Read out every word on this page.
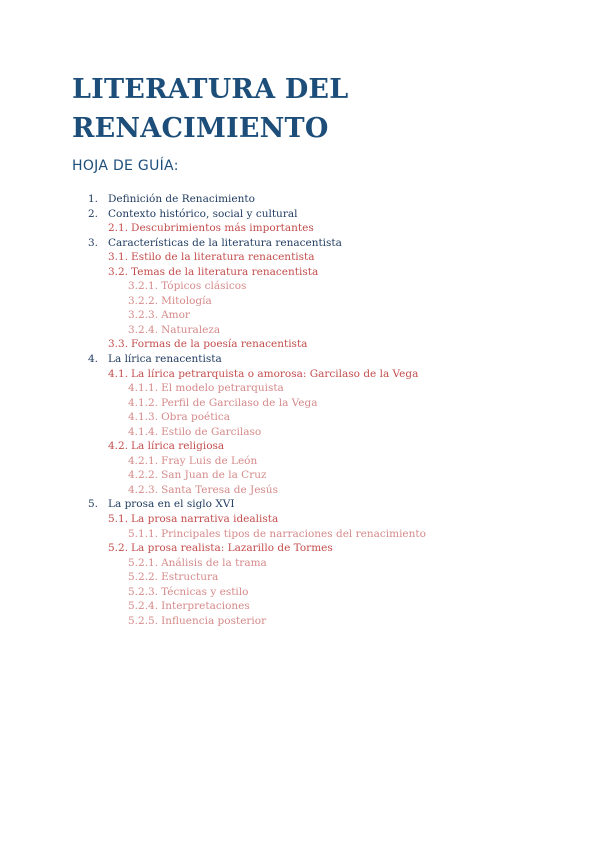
LITERATURA DEL
RENACIMIENTO
HOJA DE GUÍA:
1. Definición de Renacimiento
2. Contexto histórico, social y cultural
2.1. Descubrimientos más importantes
3. Características de la literatura renacentista
3.1. Estilo de la literatura renacentista
3.2. Temas de la literatura renacentista
3.2.1. Tópicos clásicos
3.2.2. Mitología
3.2.3. Amor
3.2.4. Naturaleza
3.3. Formas de la poesía renacentista
4. La lírica renacentista
4.1. La lírica petrarquista o amorosa: Garcilaso de la Vega
4.1.1. El modelo petrarquista
4.1.2. Perfil de Garcilaso de la Vega
4.1.3. Obra poética
4.1.4. Estilo de Garcilaso
4.2. La lírica religiosa
4.2.1. Fray Luis de León
4.2.2. San Juan de la Cruz
4.2.3. Santa Teresa de Jesús
5. La prosa en el siglo XVI
5.1. La prosa narrativa idealista
5.1.1. Principales tipos de narraciones del renacimiento
5.2. La prosa realista: Lazarillo de Tormes
5.2.1. Análisis de la trama
5.2.2. Estructura
5.2.3. Técnicas y estilo
5.2.4. Interpretaciones
5.2.5. Influencia posterior
